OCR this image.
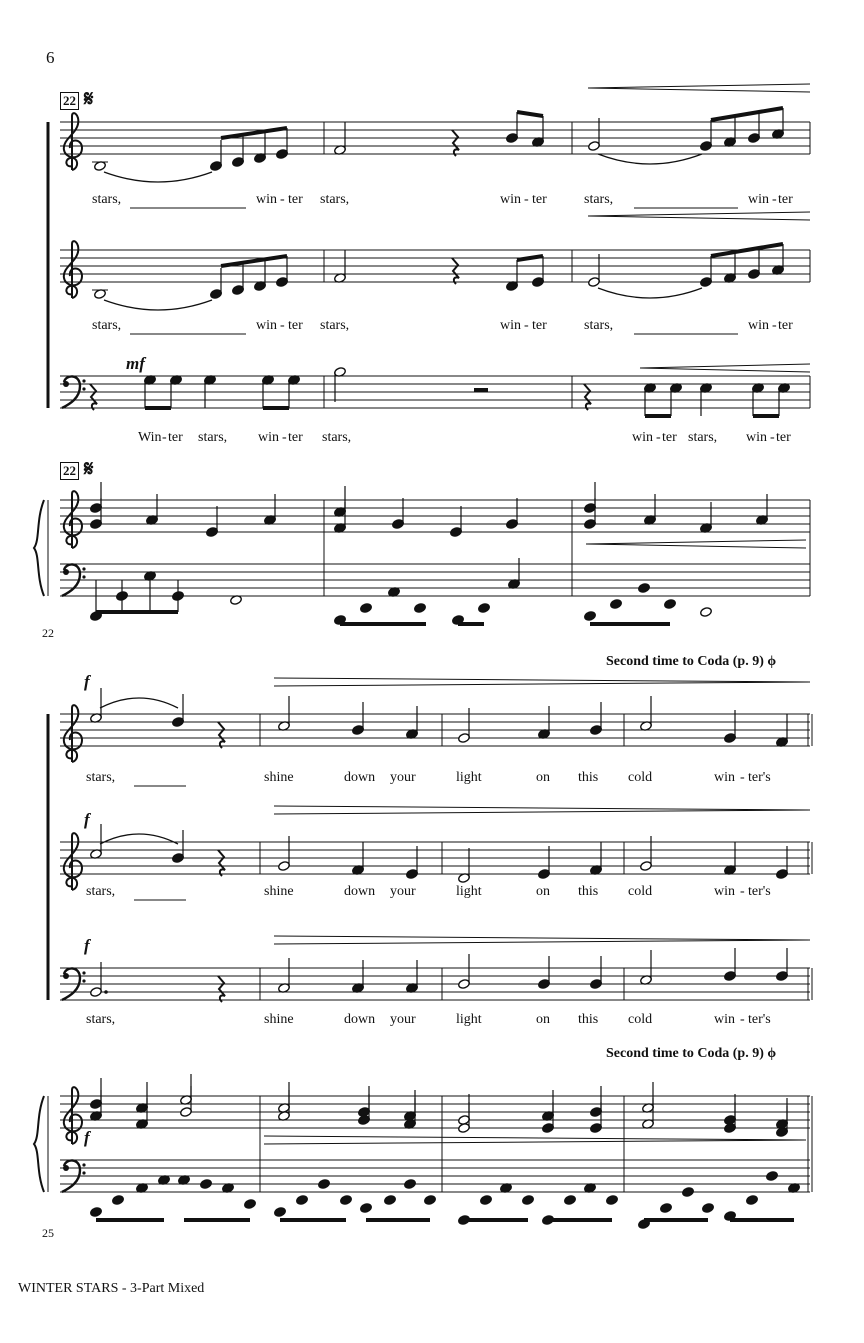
6
22 𝄋
22 𝄋
22
25
mf
f
f
f
f
stars,
stars,
win
win
-
-
ter
ter
stars,
stars,
win
win
-
-
ter
ter
stars,
stars,
win
win
-
-
ter
ter
Win - ter stars, win - ter stars,	win - ter stars, win - ter
stars,
stars,
stars,
shine
shine
shine
down
down
down
your
your
your
light
light
light
on
on
on
this
this
this
cold
cold
cold
win
win
win
-
-
-
ter's
ter's
ter's
Second time to Coda (p. 9) ϕ
Second time to Coda (p. 9) ϕ
WINTER STARS - 3-Part Mixed
